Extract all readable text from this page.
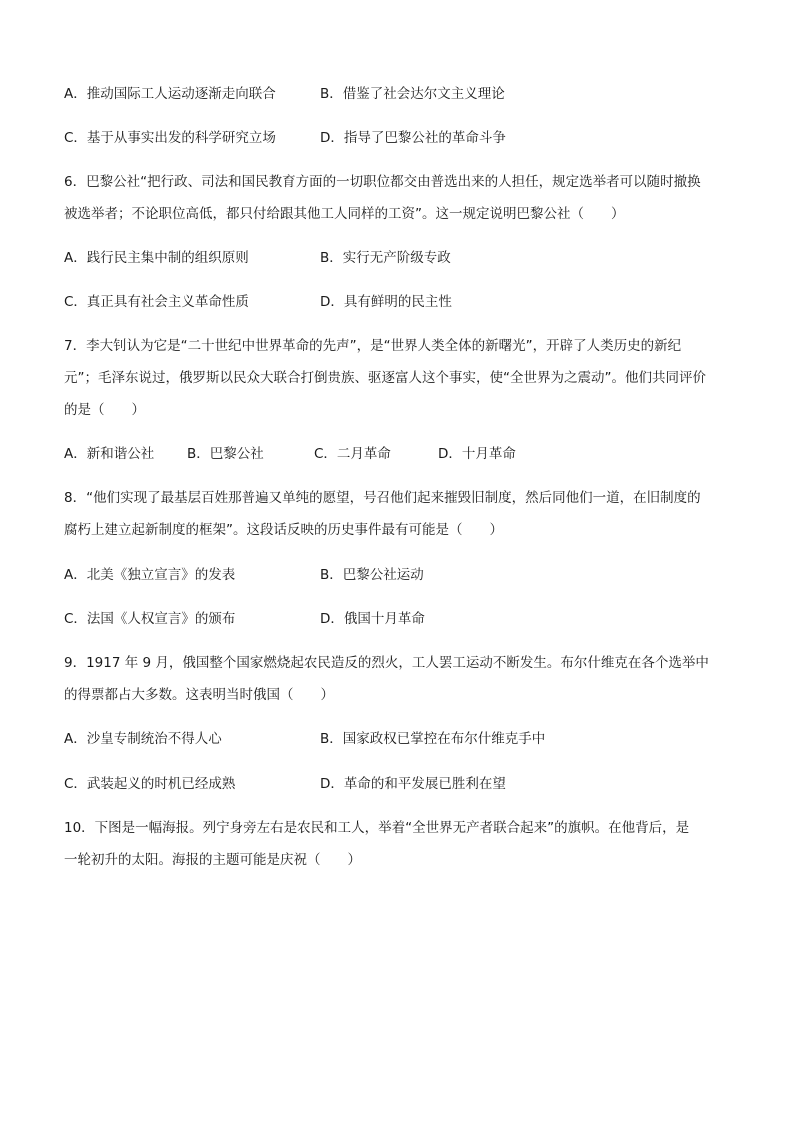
A．推动国际工人运动逐渐走向联合	B．借鉴了社会达尔文主义理论
C．基于从事实出发的科学研究立场	D．指导了巴黎公社的革命斗争
6．巴黎公社“把行政、司法和国民教育方面的一切职位都交由普选出来的人担任，规定选举者可以随时撤换
被选举者；不论职位高低，都只付给跟其他工人同样的工资”。这一规定说明巴黎公社（　　）
A．践行民主集中制的组织原则	B．实行无产阶级专政
C．真正具有社会主义革命性质	D．具有鲜明的民主性
7．李大钊认为它是“二十世纪中世界革命的先声”，是“世界人类全体的新曙光”，开辟了人类历史的新纪
元”；毛泽东说过，俄罗斯以民众大联合打倒贵族、驱逐富人这个事实，使“全世界为之震动”。他们共同评价
的是（　　）
A．新和谐公社 B．巴黎公社	C．二月革命	D．十月革命
8．“他们实现了最基层百姓那普遍又单纯的愿望，号召他们起来摧毁旧制度，然后同他们一道，在旧制度的
腐朽上建立起新制度的框架”。这段话反映的历史事件最有可能是（　　）
A．北美《独立宣言》的发表	B．巴黎公社运动
C．法国《人权宣言》的颁布	D．俄国十月革命
9．1917 年 9 月，俄国整个国家燃烧起农民造反的烈火，工人罢工运动不断发生。布尔什维克在各个选举中
的得票都占大多数。这表明当时俄国（　　）
A．沙皇专制统治不得人心	B．国家政权已掌控在布尔什维克手中
C．武装起义的时机已经成熟	D．革命的和平发展已胜利在望
10．下图是一幅海报。列宁身旁左右是农民和工人，举着“全世界无产者联合起来”的旗帜。在他背后，是
一轮初升的太阳。海报的主题可能是庆祝（　　）
